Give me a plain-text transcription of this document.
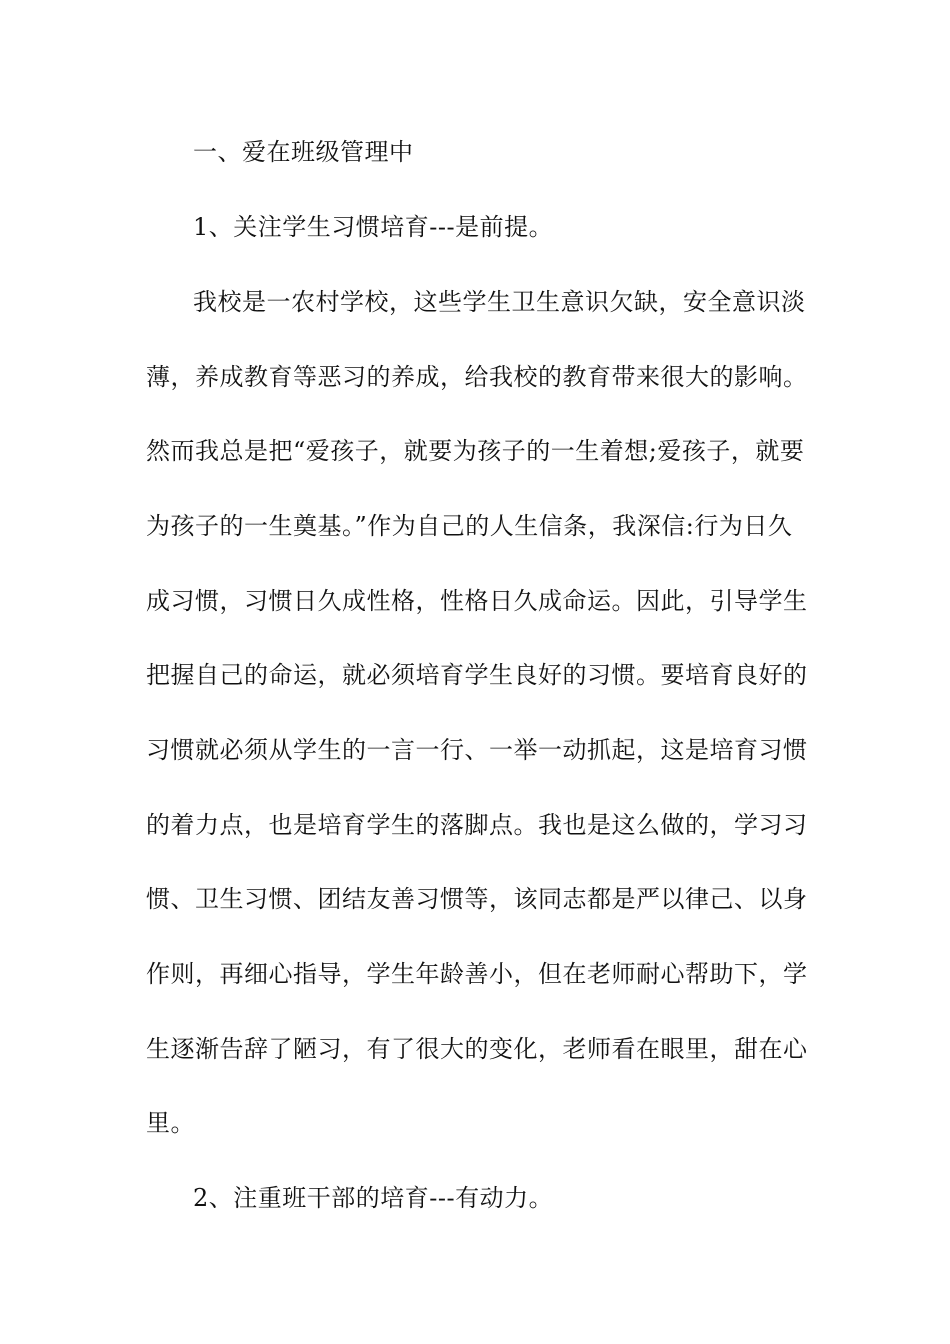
一、爱在班级管理中
1、关注学生习惯培育---是前提。
我校是一农村学校，这些学生卫生意识欠缺，安全意识淡
薄，养成教育等恶习的养成，给我校的教育带来很大的影响。
然而我总是把“爱孩子，就要为孩子的一生着想;爱孩子，就要
为孩子的一生奠基。”作为自己的人生信条，我深信:行为日久
成习惯，习惯日久成性格，性格日久成命运。因此，引导学生
把握自己的命运，就必须培育学生良好的习惯。要培育良好的
习惯就必须从学生的一言一行、一举一动抓起，这是培育习惯
的着力点，也是培育学生的落脚点。我也是这么做的，学习习
惯、卫生习惯、团结友善习惯等，该同志都是严以律己、以身
作则，再细心指导，学生年龄善小，但在老师耐心帮助下，学
生逐渐告辞了陋习，有了很大的变化，老师看在眼里，甜在心
里。
2、注重班干部的培育---有动力。
